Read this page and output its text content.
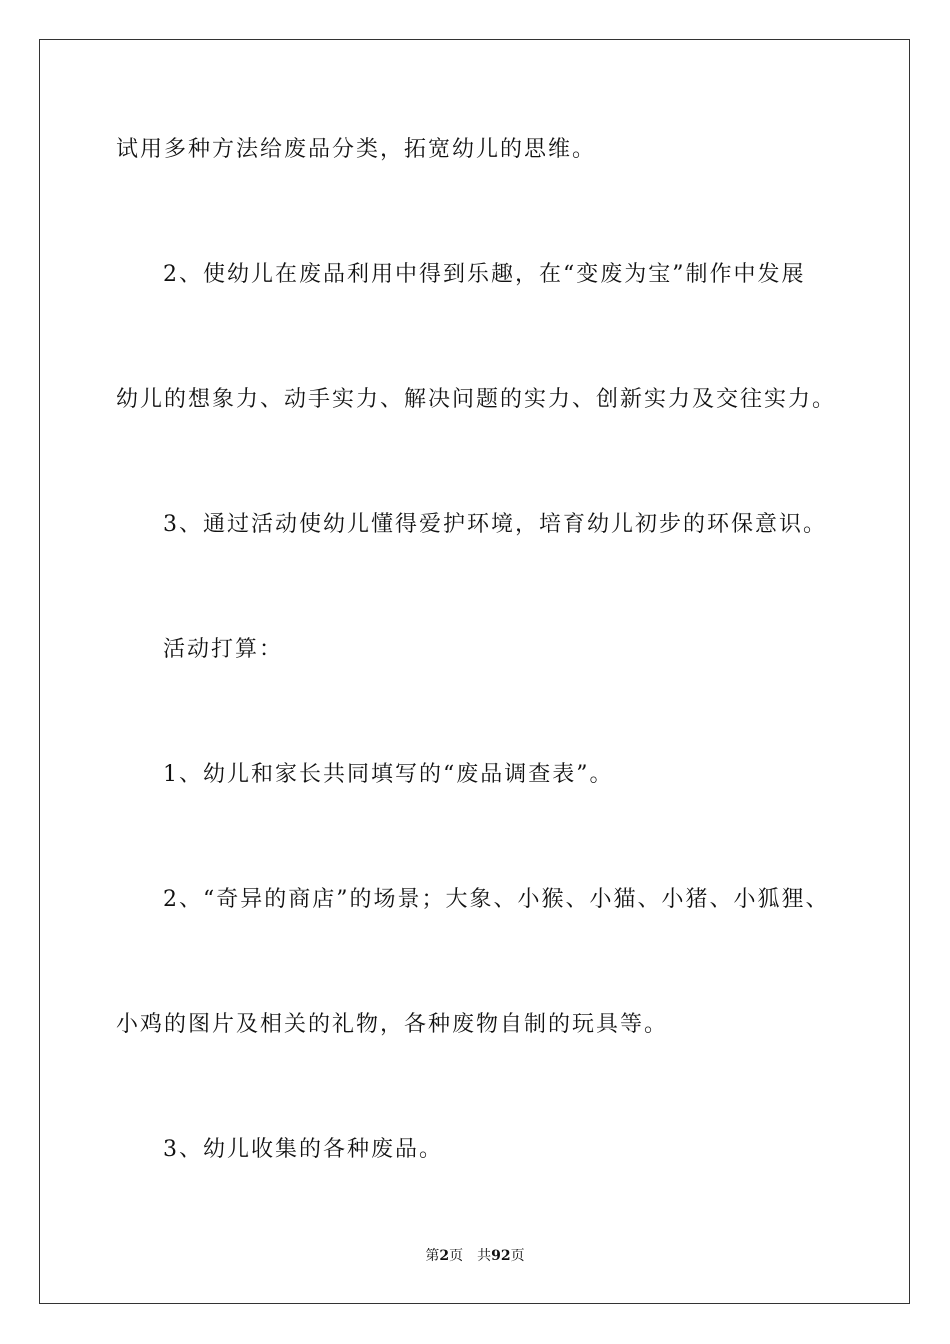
试用多种方法给废品分类，拓宽幼儿的思维。
2、使幼儿在废品利用中得到乐趣，在“变废为宝”制作中发展
幼儿的想象力、动手实力、解决问题的实力、创新实力及交往实力。
3、通过活动使幼儿懂得爱护环境，培育幼儿初步的环保意识。
活动打算：
1、幼儿和家长共同填写的“废品调查表”。
2、“奇异的商店”的场景；大象、小猴、小猫、小猪、小狐狸、
小鸡的图片及相关的礼物，各种废物自制的玩具等。
3、幼儿收集的各种废品。
第2页 共92页
